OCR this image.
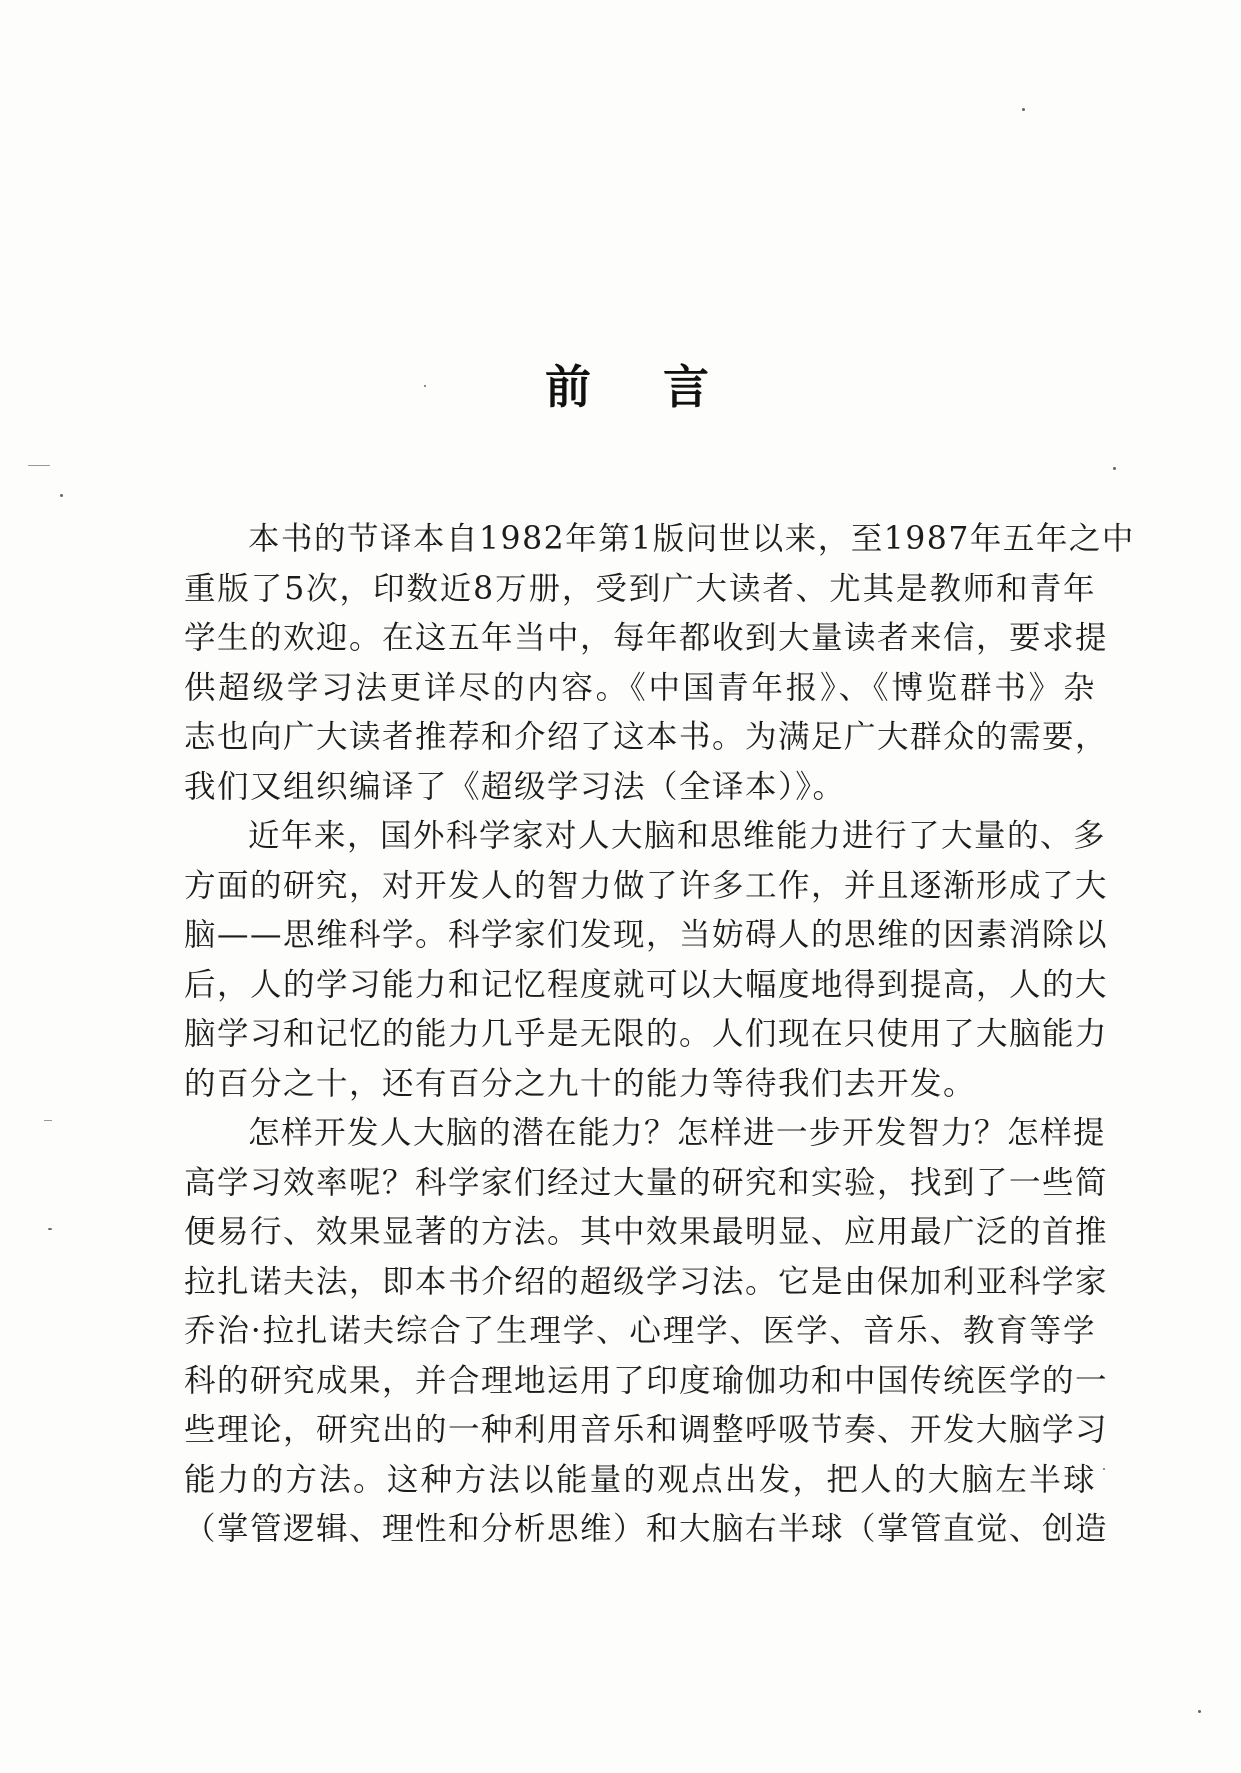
前言
本书的节译本自1982年第1版问世以来，至1987年五年之中
重版了5次，印数近8万册，受到广大读者、尤其是教师和青年
学生的欢迎。在这五年当中，每年都收到大量读者来信，要求提
供超级学习法更详尽的内容。《中国青年报》、《博览群书》杂
志也向广大读者推荐和介绍了这本书。为满足广大群众的需要，
我们又组织编译了《超级学习法（全译本）》。
近年来，国外科学家对人大脑和思维能力进行了大量的、多
方面的研究，对开发人的智力做了许多工作，并且逐渐形成了大
脑——思维科学。科学家们发现，当妨碍人的思维的因素消除以
后，人的学习能力和记忆程度就可以大幅度地得到提高，人的大
脑学习和记忆的能力几乎是无限的。人们现在只使用了大脑能力
的百分之十，还有百分之九十的能力等待我们去开发。
怎样开发人大脑的潜在能力？怎样进一步开发智力？怎样提
高学习效率呢？科学家们经过大量的研究和实验，找到了一些简
便易行、效果显著的方法。其中效果最明显、应用最广泛的首推
拉扎诺夫法，即本书介绍的超级学习法。它是由保加利亚科学家
乔治·拉扎诺夫综合了生理学、心理学、医学、音乐、教育等学
科的研究成果，并合理地运用了印度瑜伽功和中国传统医学的一
些理论，研究出的一种利用音乐和调整呼吸节奏、开发大脑学习
能力的方法。这种方法以能量的观点出发，把人的大脑左半球
（掌管逻辑、理性和分析思维）和大脑右半球（掌管直觉、创造
